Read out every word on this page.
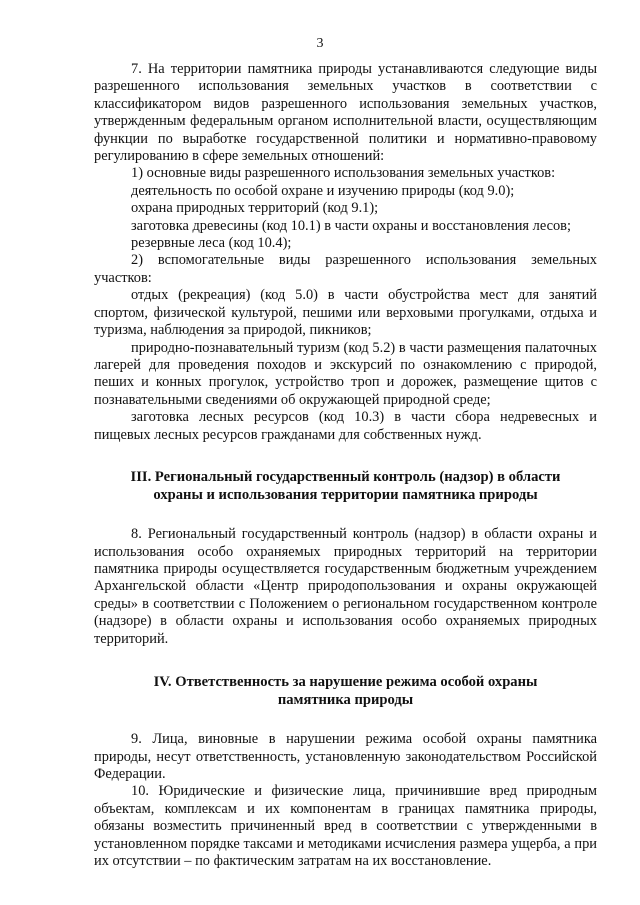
3

7. На территории памятника природы устанавливаются следующие виды разрешенного использования земельных участков в соответствии с классификатором видов разрешенного использования земельных участков, утвержденным федеральным органом исполнительной власти, осуществляющим функции по выработке государственной политики и нормативно-правовому регулированию в сфере земельных отношений:

1) основные виды разрешенного использования земельных участков:

деятельность по особой охране и изучению природы (код 9.0);

охрана природных территорий (код 9.1);

заготовка древесины (код 10.1) в части охраны и восстановления лесов;

резервные леса (код 10.4);

2) вспомогательные виды разрешенного использования земельных участков:

отдых (рекреация) (код 5.0) в части обустройства мест для занятий спортом, физической культурой, пешими или верховыми прогулками, отдыха и туризма, наблюдения за природой, пикников;

природно-познавательный туризм (код 5.2) в части размещения палаточных лагерей для проведения походов и экскурсий по ознакомлению с природой, пеших и конных прогулок, устройство троп и дорожек, размещение щитов с познавательными сведениями об окружающей природной среде;

заготовка лесных ресурсов (код 10.3) в части сбора недревесных и пищевых лесных ресурсов гражданами для собственных нужд.

III. Региональный государственный контроль (надзор) в области
охраны и использования территории памятника природы

8. Региональный государственный контроль (надзор) в области охраны и использования особо охраняемых природных территорий на территории памятника природы осуществляется государственным бюджетным учреждением Архангельской области «Центр природопользования и охраны окружающей среды» в соответствии с Положением о региональном государственном контроле (надзоре) в области охраны и использования особо охраняемых природных территорий.

IV. Ответственность за нарушение режима особой охраны
памятника природы

9. Лица, виновные в нарушении режима особой охраны памятника природы, несут ответственность, установленную законодательством Российской Федерации.

10. Юридические и физические лица, причинившие вред природным объектам, комплексам и их компонентам в границах памятника природы, обязаны возместить причиненный вред в соответствии с утвержденными в установленном порядке таксами и методиками исчисления размера ущерба, а при их отсутствии – по фактическим затратам на их восстановление.
